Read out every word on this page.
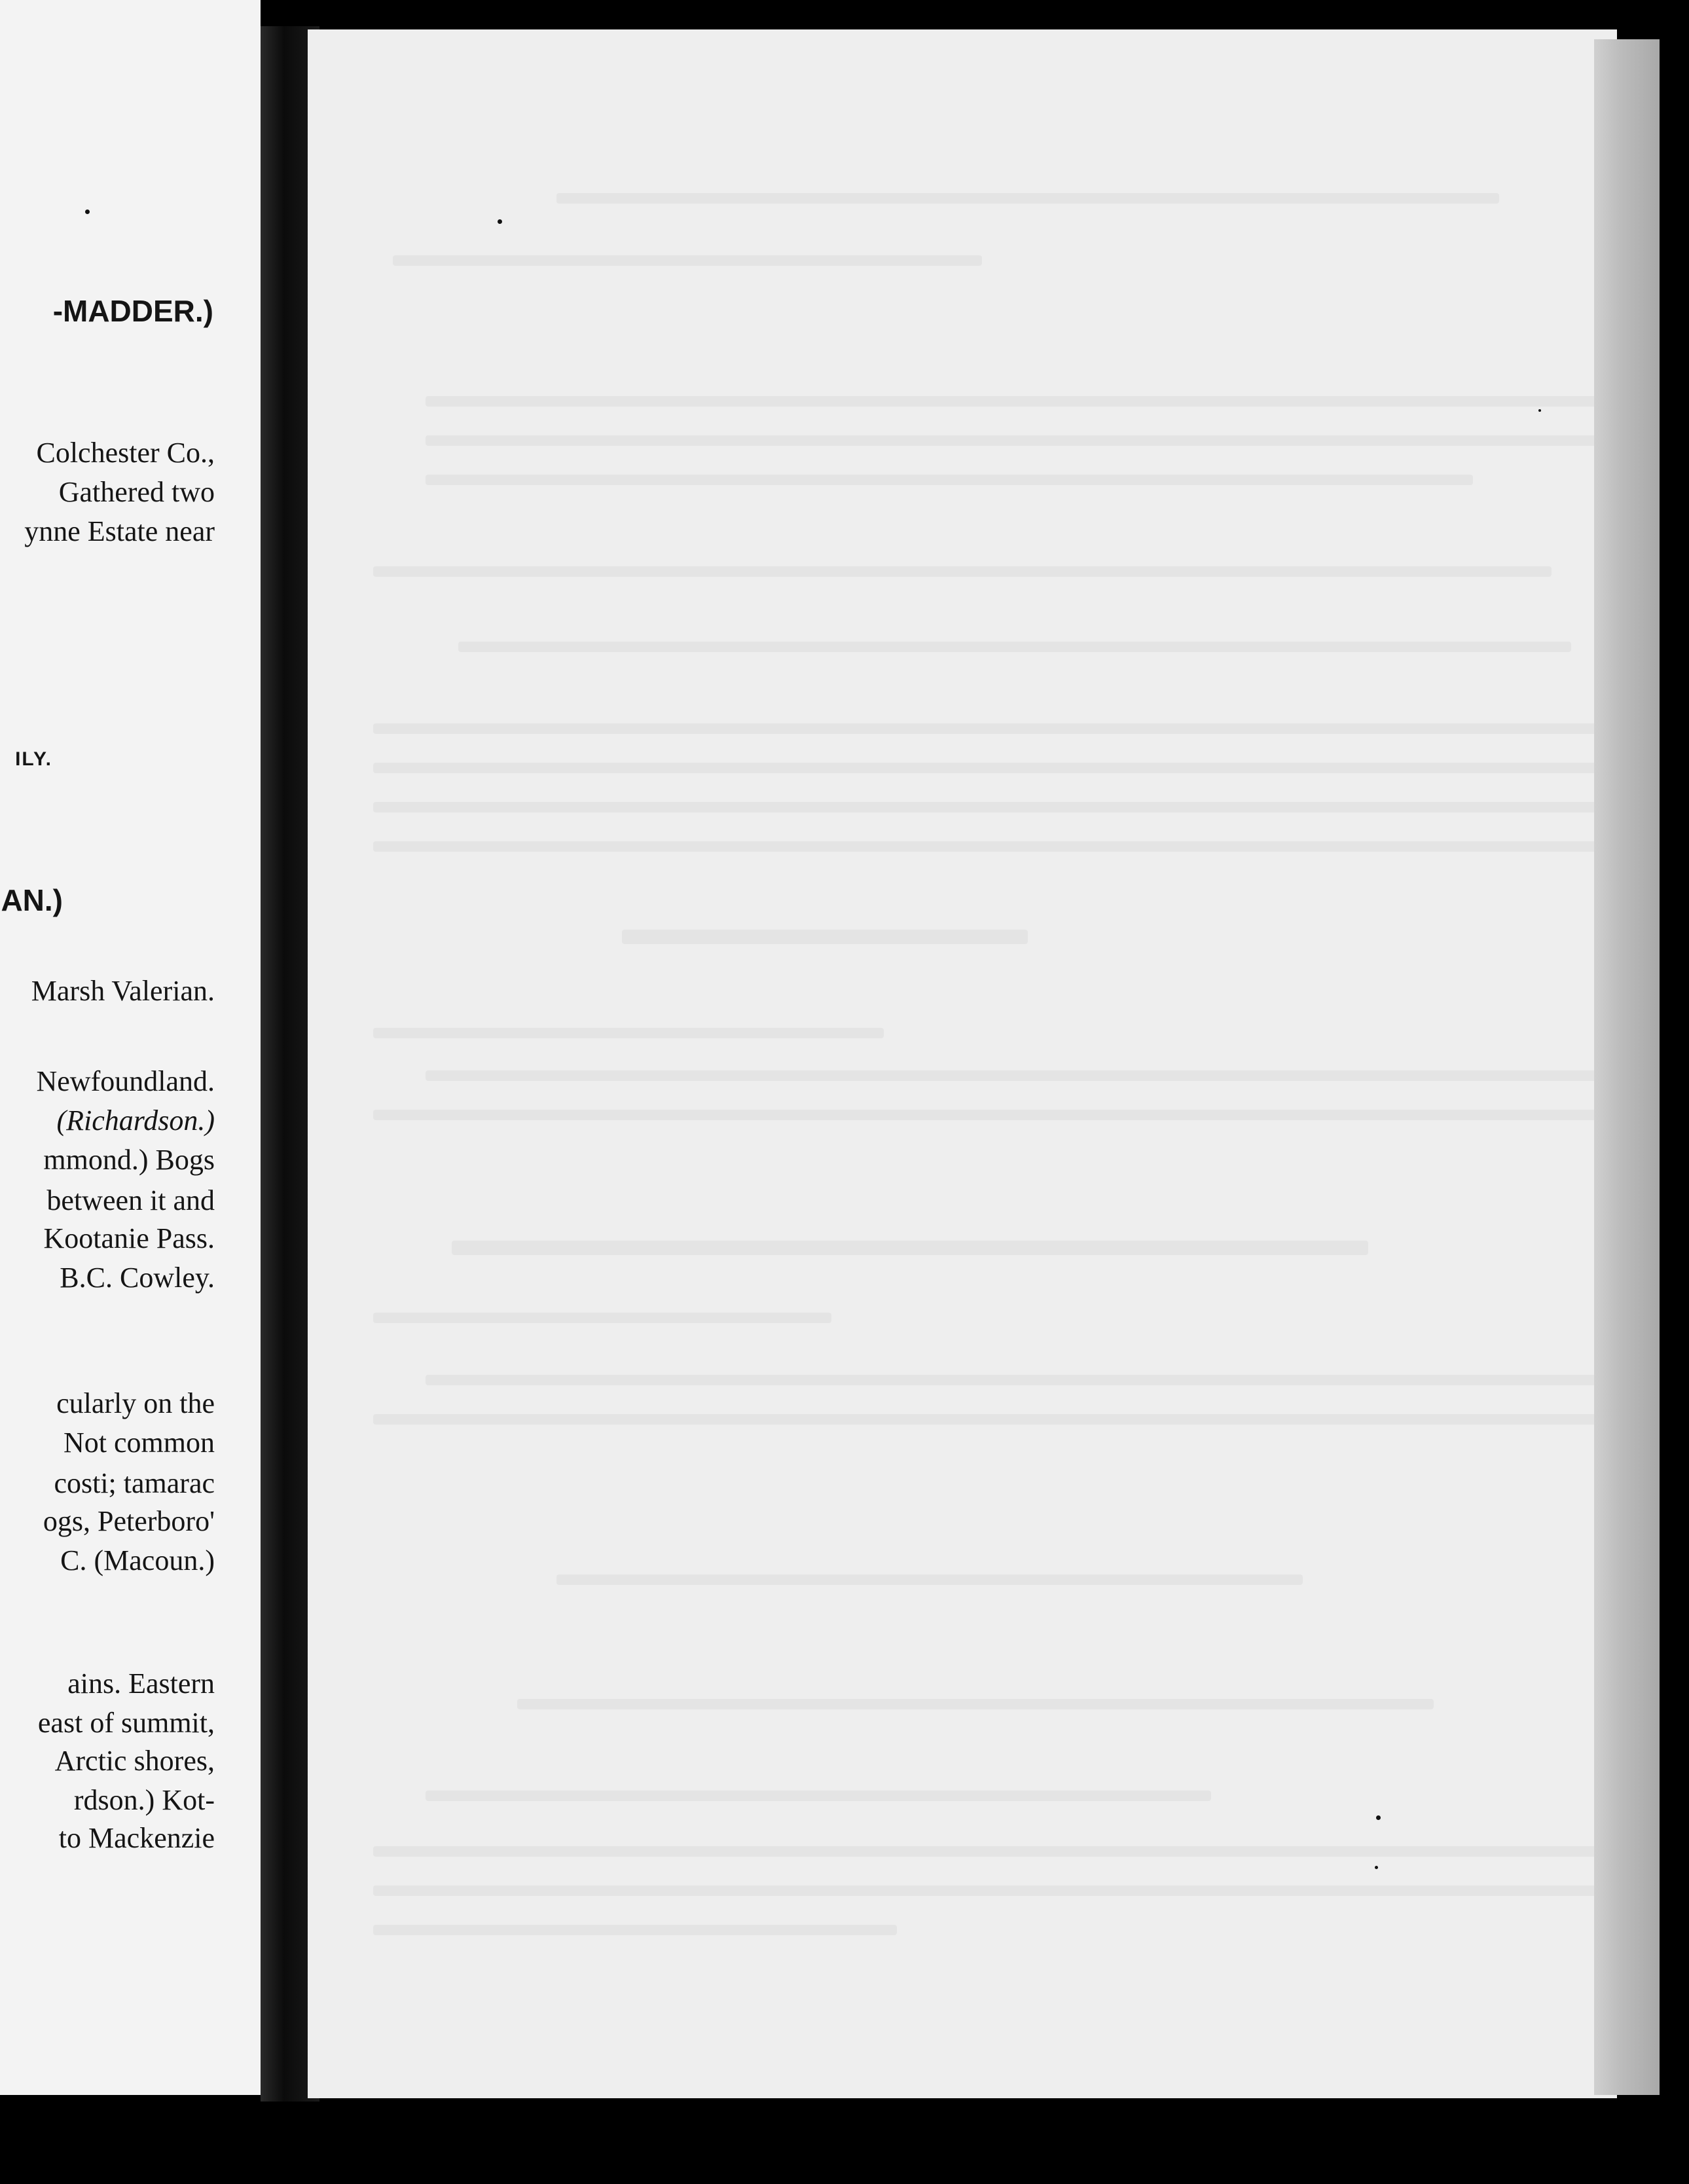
-MADDER.)
Colchester Co.,
Gathered two
ynne Estate near
ILY.
AN.)
Marsh Valerian.
Newfoundland.
(Richardson.)
mmond.) Bogs
between it and
Kootanie Pass.
B.C. Cowley.
cularly on the
Not common
costi; tamarac
ogs, Peterboro'
C. (Macoun.)
ains. Eastern
east of summit,
Arctic shores,
rdson.) Kot-
to Mackenzie
